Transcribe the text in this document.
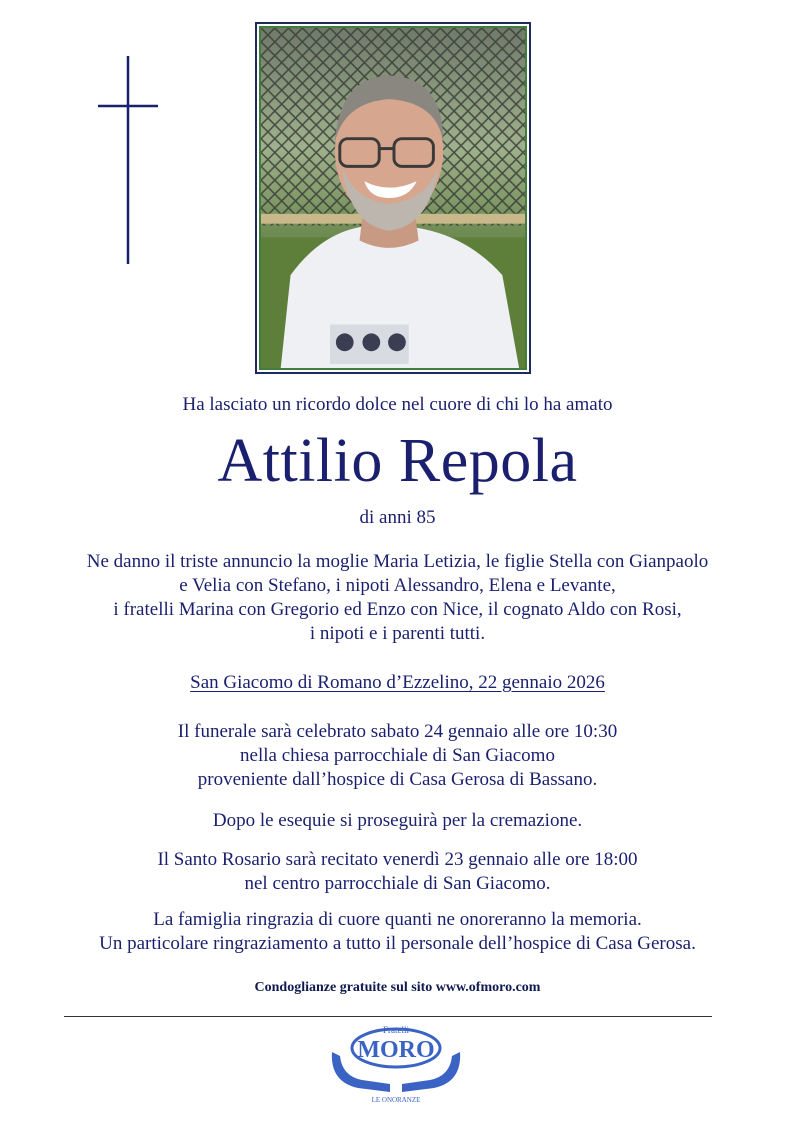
Ha lasciato un ricordo dolce nel cuore di chi lo ha amato
Attilio Repola
di anni 85
Ne danno il triste annuncio la moglie Maria Letizia, le figlie Stella con Gianpaolo
e Velia con Stefano, i nipoti Alessandro, Elena e Levante,
i fratelli Marina con Gregorio ed Enzo con Nice, il cognato Aldo con Rosi,
i nipoti e i parenti tutti.
San Giacomo di Romano d’Ezzelino, 22 gennaio 2026
Il funerale sarà celebrato sabato 24 gennaio alle ore 10:30
nella chiesa parrocchiale di San Giacomo
proveniente dall’hospice di Casa Gerosa di Bassano.
Dopo le esequie si proseguirà per la cremazione.
Il Santo Rosario sarà recitato venerdì 23 gennaio alle ore 18:00
nel centro parrocchiale di San Giacomo.
La famiglia ringrazia di cuore quanti ne onoreranno la memoria.
Un particolare ringraziamento a tutto il personale dell’hospice di Casa Gerosa.
Condoglianze gratuite sul sito www.ofmoro.com
Fratelli
MORO
LE ONORANZE
